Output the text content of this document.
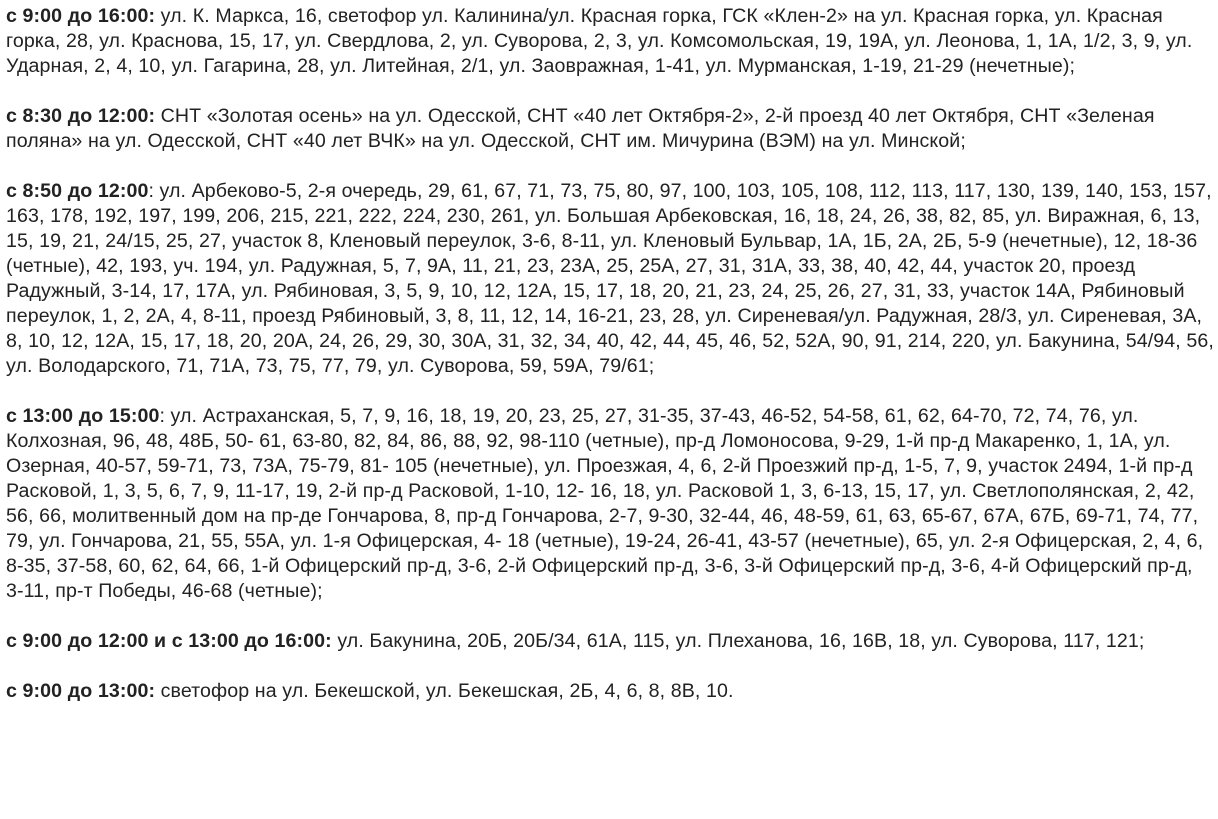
с 9:00 до 16:00: ул. К. Маркса, 16, светофор ул. Калинина/ул. Красная горка, ГСК «Клен-2» на ул. Красная горка, ул. Красная горка, 28, ул. Краснова, 15, 17, ул. Свердлова, 2, ул. Суворова, 2, 3, ул. Комсомольская, 19, 19А, ул. Леонова, 1, 1А, 1/2, 3, 9, ул. Ударная, 2, 4, 10, ул. Гагарина, 28, ул. Литейная, 2/1, ул. Заовражная, 1-41, ул. Мурманская, 1-19, 21-29 (нечетные);

с 8:30 до 12:00: СНТ «Золотая осень» на ул. Одесской, СНТ «40 лет Октября-2», 2-й проезд 40 лет Октября, СНТ «Зеленая поляна» на ул. Одесской, СНТ «40 лет ВЧК» на ул. Одесской, СНТ им. Мичурина (ВЭМ) на ул. Минской;

с 8:50 до 12:00: ул. Арбеково-5, 2-я очередь, 29, 61, 67, 71, 73, 75, 80, 97, 100, 103, 105, 108, 112, 113, 117, 130, 139, 140, 153, 157, 163, 178, 192, 197, 199, 206, 215, 221, 222, 224, 230, 261, ул. Большая Арбековская, 16, 18, 24, 26, 38, 82, 85, ул. Виражная, 6, 13, 15, 19, 21, 24/15, 25, 27, участок 8, Кленовый переулок, 3-6, 8-11, ул. Кленовый Бульвар, 1А, 1Б, 2А, 2Б, 5-9 (нечетные), 12, 18-36 (четные), 42, 193, уч. 194, ул. Радужная, 5, 7, 9А, 11, 21, 23, 23А, 25, 25А, 27, 31, 31А, 33, 38, 40, 42, 44, участок 20, проезд Радужный, 3-14, 17, 17А, ул. Рябиновая, 3, 5, 9, 10, 12, 12А, 15, 17, 18, 20, 21, 23, 24, 25, 26, 27, 31, 33, участок 14А, Рябиновый переулок, 1, 2, 2А, 4, 8-11, проезд Рябиновый, 3, 8, 11, 12, 14, 16-21, 23, 28, ул. Сиреневая/ул. Радужная, 28/3, ул. Сиреневая, 3А, 8, 10, 12, 12А, 15, 17, 18, 20, 20А, 24, 26, 29, 30, 30А, 31, 32, 34, 40, 42, 44, 45, 46, 52, 52А, 90, 91, 214, 220, ул. Бакунина, 54/94, 56, ул. Володарского, 71, 71А, 73, 75, 77, 79, ул. Суворова, 59, 59А, 79/61;

с 13:00 до 15:00: ул. Астраханская, 5, 7, 9, 16, 18, 19, 20, 23, 25, 27, 31-35, 37-43, 46-52, 54-58, 61, 62, 64-70, 72, 74, 76, ул. Колхозная, 96, 48, 48Б, 50- 61, 63-80, 82, 84, 86, 88, 92, 98-110 (четные), пр-д Ломоносова, 9-29, 1-й пр-д Макаренко, 1, 1А, ул. Озерная, 40-57, 59-71, 73, 73А, 75-79, 81- 105 (нечетные), ул. Проезжая, 4, 6, 2-й Проезжий пр-д, 1-5, 7, 9, участок 2494, 1-й пр-д Расковой, 1, 3, 5, 6, 7, 9, 11-17, 19, 2-й пр-д Расковой, 1-10, 12- 16, 18, ул. Расковой 1, 3, 6-13, 15, 17, ул. Светлополянская, 2, 42, 56, 66, молитвенный дом на пр-де Гончарова, 8, пр-д Гончарова, 2-7, 9-30, 32-44, 46, 48-59, 61, 63, 65-67, 67А, 67Б, 69-71, 74, 77, 79, ул. Гончарова, 21, 55, 55А, ул. 1-я Офицерская, 4- 18 (четные), 19-24, 26-41, 43-57 (нечетные), 65, ул. 2-я Офицерская, 2, 4, 6, 8-35, 37-58, 60, 62, 64, 66, 1-й Офицерский пр-д, 3-6, 2-й Офицерский пр-д, 3-6, 3-й Офицерский пр-д, 3-6, 4-й Офицерский пр-д, 3-11, пр-т Победы, 46-68 (четные);

с 9:00 до 12:00 и с 13:00 до 16:00: ул. Бакунина, 20Б, 20Б/34, 61А, 115, ул. Плеханова, 16, 16В, 18, ул. Суворова, 117, 121;

с 9:00 до 13:00: светофор на ул. Бекешской, ул. Бекешская, 2Б, 4, 6, 8, 8В, 10.
